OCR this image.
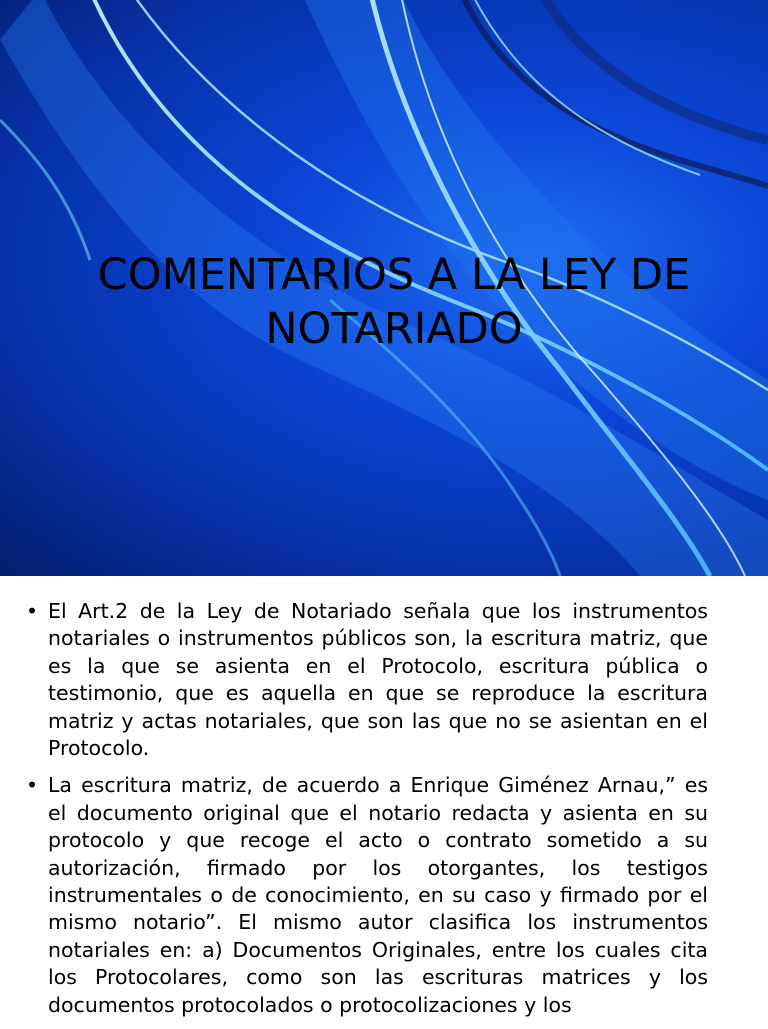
COMENTARIOS A LA LEY DE NOTARIADO

• El Art.2 de la Ley de Notariado señala que los instrumentos notariales o instrumentos públicos son, la escritura matriz, que es la que se asienta en el Protocolo, escritura pública o testimonio, que es aquella en que se reproduce la escritura matriz y actas notariales, que son las que no se asientan en el Protocolo.

• La escritura matriz, de acuerdo a Enrique Giménez Arnau,” es el documento original que el notario redacta y asienta en su protocolo y que recoge el acto o contrato sometido a su autorización, firmado por los otorgantes, los testigos instrumentales o de conocimiento, en su caso y firmado por el mismo notario”. El mismo autor clasifica los instrumentos notariales en: a) Documentos Originales, entre los cuales cita los Protocolares, como son las escrituras matrices y los documentos protocolados o protocolizaciones y los
